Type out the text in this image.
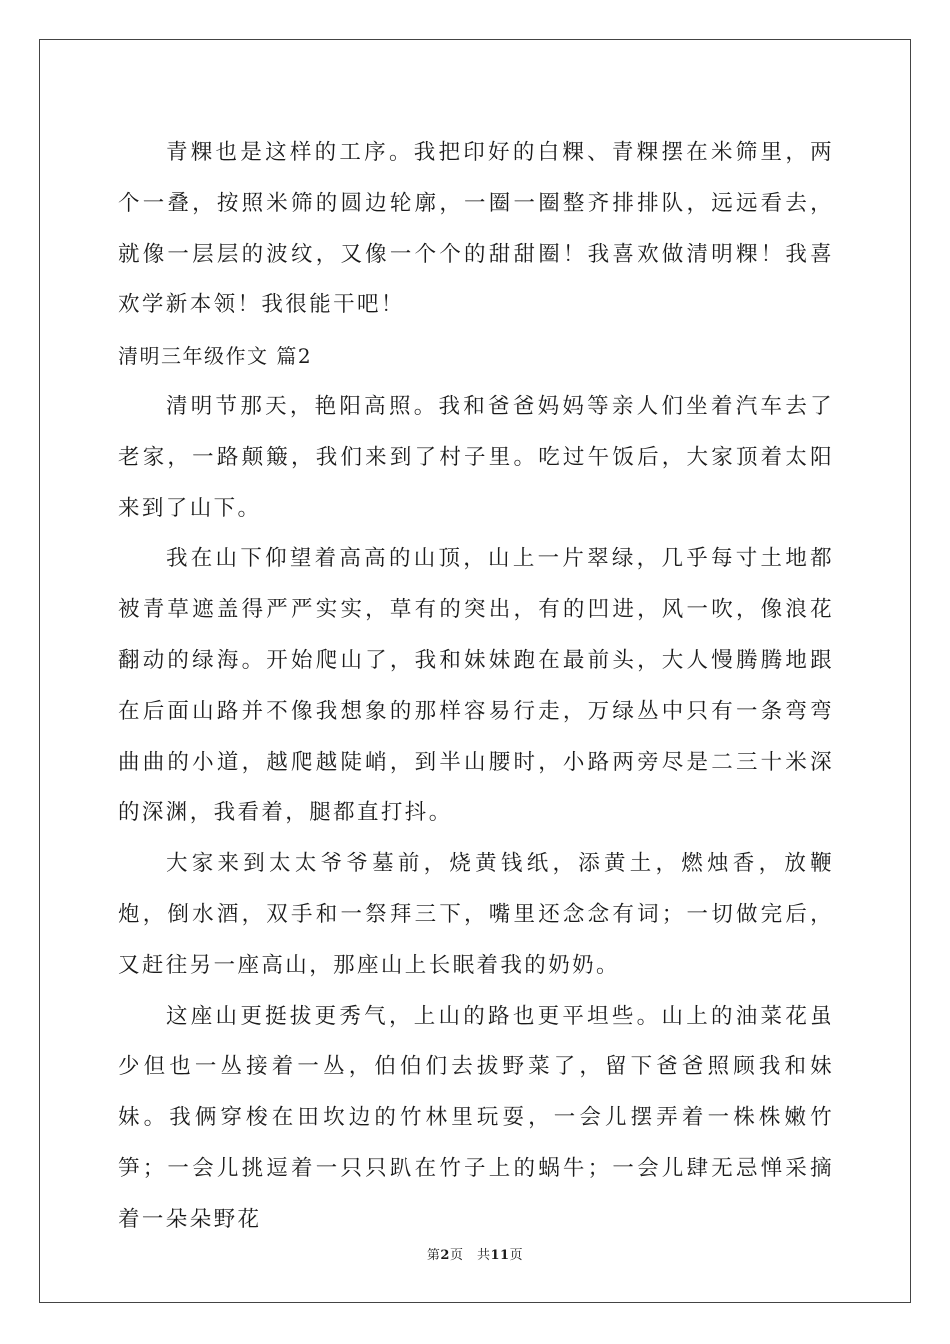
青粿也是这样的工序。我把印好的白粿、青粿摆在米筛里，两个一叠，按照米筛的圆边轮廓，一圈一圈整齐排排队，远远看去，就像一层层的波纹，又像一个个的甜甜圈！我喜欢做清明粿！我喜欢学新本领！我很能干吧！

清明三年级作文 篇2

清明节那天，艳阳高照。我和爸爸妈妈等亲人们坐着汽车去了老家，一路颠簸，我们来到了村子里。吃过午饭后，大家顶着太阳来到了山下。

我在山下仰望着高高的山顶，山上一片翠绿，几乎每寸土地都被青草遮盖得严严实实，草有的突出，有的凹进，风一吹，像浪花翻动的绿海。开始爬山了，我和妹妹跑在最前头，大人慢腾腾地跟在后面山路并不像我想象的那样容易行走，万绿丛中只有一条弯弯曲曲的小道，越爬越陡峭，到半山腰时，小路两旁尽是二三十米深的深渊，我看着，腿都直打抖。

大家来到太太爷爷墓前，烧黄钱纸，添黄土，燃烛香，放鞭炮，倒水酒，双手和一祭拜三下，嘴里还念念有词；一切做完后，又赶往另一座高山，那座山上长眠着我的奶奶。

这座山更挺拔更秀气，上山的路也更平坦些。山上的油菜花虽少但也一丛接着一丛，伯伯们去拔野菜了，留下爸爸照顾我和妹妹。我俩穿梭在田坎边的竹林里玩耍，一会儿摆弄着一株株嫩竹笋；一会儿挑逗着一只只趴在竹子上的蜗牛；一会儿肆无忌惮采摘着一朵朵野花

第2页　共11页
